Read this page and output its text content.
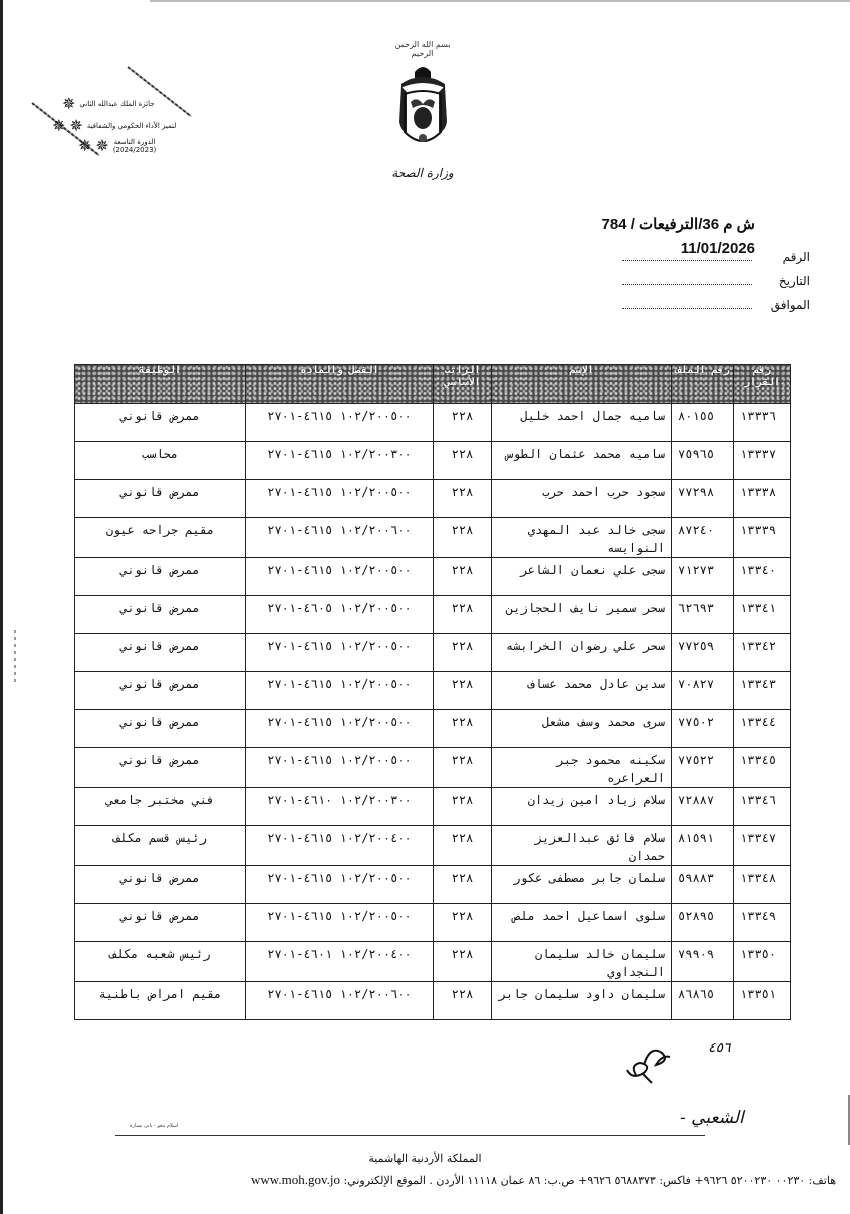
جائزة الملك عبدالله الثاني
✵
لتميز الأداء الحكومي والشفافية
✵
✵
الدورة التاسعة
(2024/2023)
✵
✵
بسم الله الرحمن الرحيم
وزارة الصحة
ش م 36/الترفيعات / 784
11/01/2026	الرقم
التاريخ
الموافق
رقم القرار	رقم الملف	الإسم	الراتب الأساسي	الفصل والمادة	الوظيفة
١٣٣٣٦	٨٠١٥٥	ساميه جمال احمد خليل	٢٢٨	١٠٢/٢٠٠٥٠٠ ٤٦١٥-٢٧٠١	ممرض قانوني
١٣٣٣٧	٧٥٩٦٥	ساميه محمد عثمان الطوس	٢٢٨	١٠٢/٢٠٠٣٠٠ ٤٦١٥-٢٧٠١	محاسب
١٣٣٣٨	٧٧٢٩٨	سجود حرب احمد حرب	٢٢٨	١٠٢/٢٠٠٥٠٠ ٤٦١٥-٢٧٠١	ممرض قانوني
١٣٣٣٩	٨٧٢٤٠	سجى خالد عبد المهدي النوايسه	٢٢٨	١٠٢/٢٠٠٦٠٠ ٤٦١٥-٢٧٠١	مقيم جراحه عيون
١٣٣٤٠	٧١٢٧٣	سجى علي نعمان الشاعر	٢٢٨	١٠٢/٢٠٠٥٠٠ ٤٦١٥-٢٧٠١	ممرض قانوني
١٣٣٤١	٦٢٦٩٣	سحر سمير نايف الحجازين	٢٢٨	١٠٢/٢٠٠٥٠٠ ٤٦٠٥-٢٧٠١	ممرض قانوني
١٣٣٤٢	٧٧٢٥٩	سحر علي رضوان الخرابشه	٢٢٨	١٠٢/٢٠٠٥٠٠ ٤٦١٥-٢٧٠١	ممرض قانوني
١٣٣٤٣	٧٠٨٢٧	سدين عادل محمد عساف	٢٢٨	١٠٢/٢٠٠٥٠٠ ٤٦١٥-٢٧٠١	ممرض قانوني
١٣٣٤٤	٧٧٥٠٢	سرى محمد وسف مشعل	٢٢٨	١٠٢/٢٠٠٥٠٠ ٤٦١٥-٢٧٠١	ممرض قانوني
١٣٣٤٥	٧٧٥٢٢	سكينه محمود جبر العراعره	٢٢٨	١٠٢/٢٠٠٥٠٠ ٤٦١٥-٢٧٠١	ممرض قانوني
١٣٣٤٦	٧٢٨٨٧	سلام زياد امين زيدان	٢٢٨	١٠٢/٢٠٠٣٠٠ ٤٦١٠-٢٧٠١	فني مختبر جامعي
١٣٣٤٧	٨١٥٩١	سلام فائق عبدالعزيز حمدان	٢٢٨	١٠٢/٢٠٠٤٠٠ ٤٦١٥-٢٧٠١	رئيس قسم مكلف
١٣٣٤٨	٥٩٨٨٣	سلمان جابر مصطفى عكور	٢٢٨	١٠٢/٢٠٠٥٠٠ ٤٦١٥-٢٧٠١	ممرض قانوني
١٣٣٤٩	٥٢٨٩٥	سلوى اسماعيل احمد ملص	٢٢٨	١٠٢/٢٠٠٥٠٠ ٤٦١٥-٢٧٠١	ممرض قانوني
١٣٣٥٠	٧٩٩٠٩	سليمان خالد سليمان النجداوي	٢٢٨	١٠٢/٢٠٠٤٠٠ ٤٦٠١-٢٧٠١	رئيس شعبه مكلف
١٣٣٥١	٨٦٨٦٥	سليمان داود سليمان جابر	٢٢٨	١٠٢/٢٠٠٦٠٠ ٤٦١٥-٢٧٠١	مقيم امراض باطنية
٤٥٦
الشعبي -
اسلام معو - بانى بسارة
المملكة الأردنية الهاشمية
هاتف: ٠٠٢٣٠ ٥٢٠٠٢٣٠ ٩٦٢٦+ فاكس: ٥٦٨٨٣٧٣ ٩٦٢٦+ ص.ب: ٨٦ عمان ١١١١٨ الأردن . الموقع الإلكتروني: www.moh.gov.jo
